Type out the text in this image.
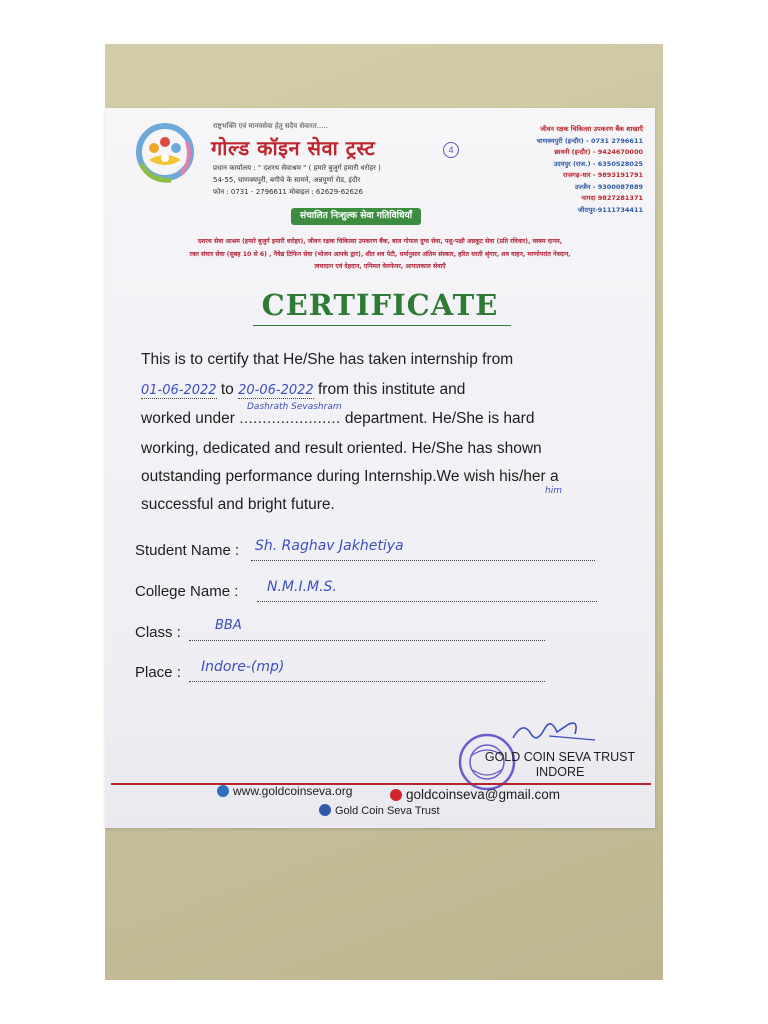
राष्ट्रभक्ति एवं मानवसेवा हेतु सदैव सेवारत.....
गोल्ड कॉइन सेवा ट्रस्ट
प्रधान कार्यालय : " दशरथ सेवाश्रम " ( हमारे बुजुर्ग हमारी धरोहर )
54-55, चाणक्यपुरी, बगीचे के सामने, अन्नपूर्णा रोड, इंदौर
फोन : 0731 - 2796611 मोबाइल : 62629-62626
4
जीवन रक्षक चिकित्सा उपकरण बैंक शाखाएँ
चाणक्यपुरी (इन्दौर) - 0731 2796611
छावनी (इन्दौर) - 9424670000
उदयपुर (राज.) - 6350528025
राजगढ़-धार - 9893191791
उज्जैन - 9300087889
नागदा 9827281371
जीरापुर-9111734411
संचालित निःशुल्क सेवा गतिविधियाँ
दशरथ सेवा आश्रम (हमारे बुजुर्ग हमारी धरोहर), जीवन रक्षक चिकित्सा उपकरण बैंक, बाल गोपाल दुग्ध सेवा, पशु-पक्षी अन्नकूट सेवा (प्रति रविवार), वस्त्रम दानम,
रक्त संचार सेवा (सुबह 10 से 6) , नैवेद्य टिफिन सेवा (भोजन आपके द्वार), शीत शव पेटी, धर्मानुसार अंतिम संस्कार, हरित धरती श्रृंगार, शव वाहन, मरणोपरांत नेत्रदान,
त्वचादान एवं देहदान, एनिमल वेलफेयर, आपातकाल सेवाएँ
CERTIFICATE
This is to certify that He/She has taken internship from
01-06-2022 to 20-06-2022 from this institute and
Dashrath Sevashram
worked under ...................... department. He/She is hard
working, dedicated and result oriented. He/She has shown
outstanding performance during Internship.We wish his/her a
him
successful and bright future.
Student Name : Sh. Raghav Jakhetiya
College Name : N.M.I.M.S.
Class :	BBA
Place : Indore-(mp)
GOLD COIN SEVA TRUST
INDORE
www.goldcoinseva.org	goldcoinseva@gmail.com
Gold Coin Seva Trust
